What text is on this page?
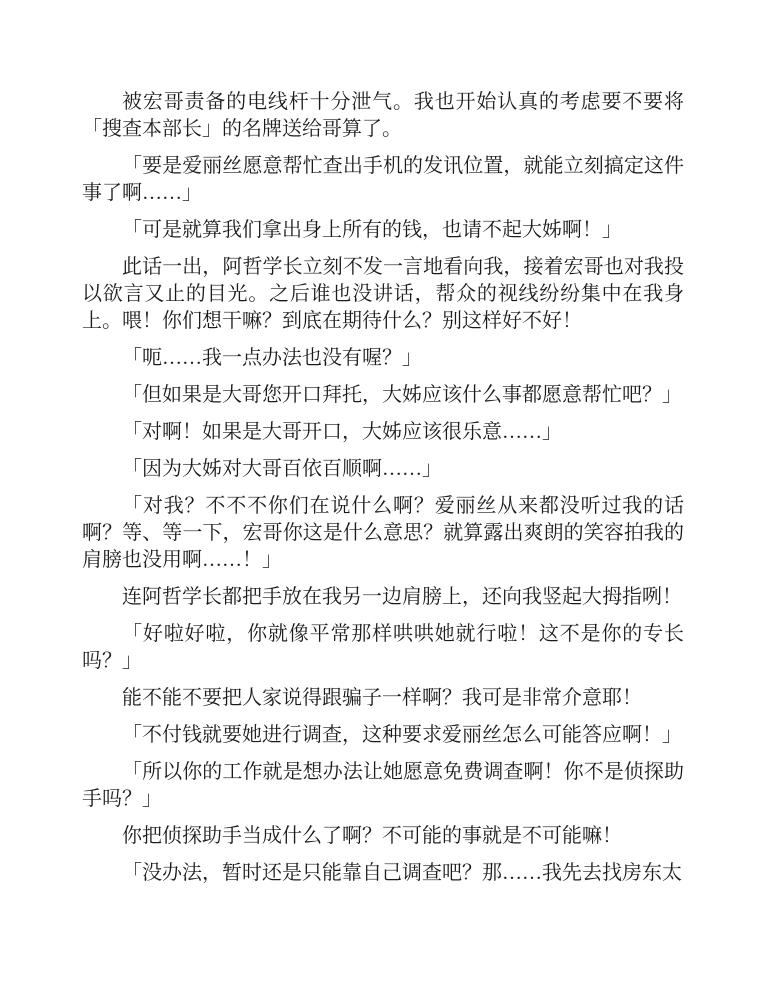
被宏哥责备的电线杆十分泄气。我也开始认真的考虑要不要将「搜查本部长」的名牌送给哥算了。

「要是爱丽丝愿意帮忙查出手机的发讯位置，就能立刻搞定这件事了啊……」

「可是就算我们拿出身上所有的钱，也请不起大姊啊！」

此话一出，阿哲学长立刻不发一言地看向我，接着宏哥也对我投以欲言又止的目光。之后谁也没讲话，帮众的视线纷纷集中在我身上。喂！你们想干嘛？到底在期待什么？别这样好不好！

「呃……我一点办法也没有喔？」

「但如果是大哥您开口拜托，大姊应该什么事都愿意帮忙吧？」

「对啊！如果是大哥开口，大姊应该很乐意……」

「因为大姊对大哥百依百顺啊……」

「对我？不不不你们在说什么啊？爱丽丝从来都没听过我的话啊？等、等一下，宏哥你这是什么意思？就算露出爽朗的笑容拍我的肩膀也没用啊……！」

连阿哲学长都把手放在我另一边肩膀上，还向我竖起大拇指咧！

「好啦好啦，你就像平常那样哄哄她就行啦！这不是你的专长吗？」

能不能不要把人家说得跟骗子一样啊？我可是非常介意耶！

「不付钱就要她进行调查，这种要求爱丽丝怎么可能答应啊！」

「所以你的工作就是想办法让她愿意免费调查啊！你不是侦探助手吗？」

你把侦探助手当成什么了啊？不可能的事就是不可能嘛！

「没办法，暂时还是只能靠自己调查吧？那……我先去找房东太
